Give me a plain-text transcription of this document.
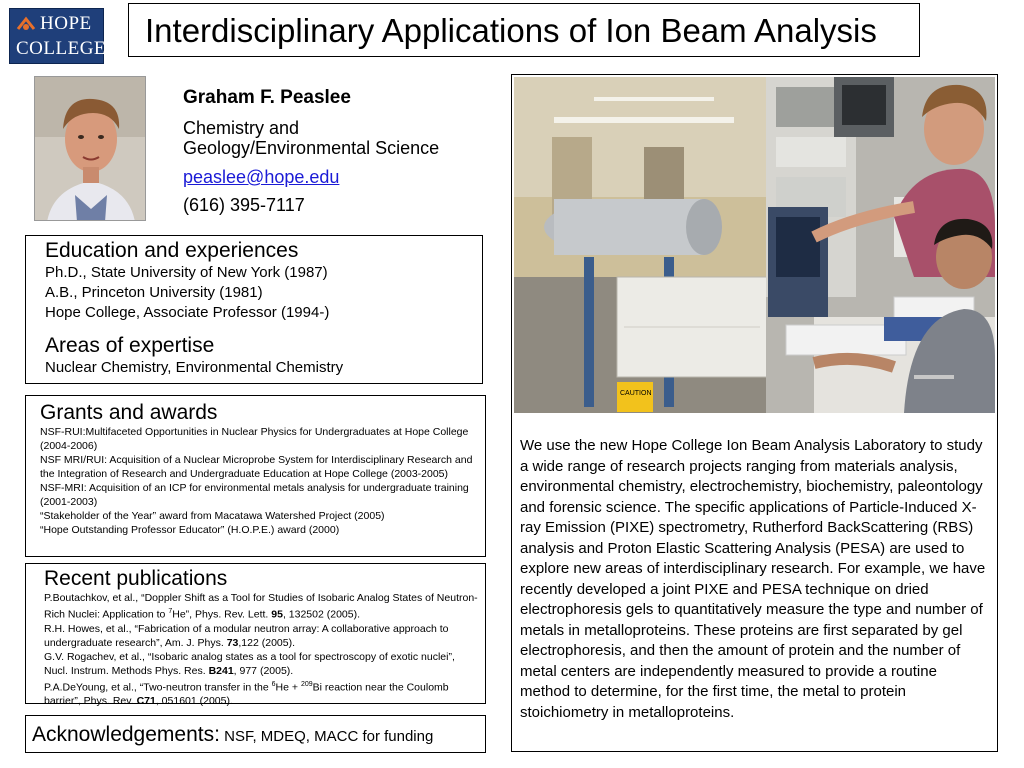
HOPE
COLLEGE Interdisciplinary Applications of Ion Beam Analysis
Graham F. Peaslee
Chemistry and
Geology/Environmental Science
peaslee@hope.edu
(616) 395-7117
Education and experiences
Ph.D., State University of New York (1987)
A.B., Princeton University (1981)
Hope College, Associate Professor (1994-)
Areas of expertise
Nuclear Chemistry, Environmental Chemistry
Grants and awards
NSF-RUI:Multifaceted Opportunities in Nuclear Physics for Undergraduates at Hope College (2004-2006)
NSF MRI/RUI: Acquisition of a Nuclear Microprobe System for Interdisciplinary Research and the Integration of Research and Undergraduate Education at Hope College (2003-2005)
NSF-MRI: Acquisition of an ICP for environmental metals analysis for undergraduate training (2001-2003)
“Stakeholder of the Year” award from Macatawa Watershed Project (2005)
“Hope Outstanding Professor Educator” (H.O.P.E.) award (2000)
Recent publications
P.Boutachkov, et al., “Doppler Shift as a Tool for Studies of Isobaric Analog States of Neutron-Rich Nuclei: Application to $^7$He”, Phys. Rev. Lett. 95, 132502 (2005).
R.H. Howes, et al., “Fabrication of a modular neutron array: A collaborative approach to undergraduate research”, Am. J. Phys. 73,122 (2005).
G.V. Rogachev, et al., “Isobaric analog states as a tool for spectroscopy of exotic nuclei”, Nucl. Instrum. Methods Phys. Res. B241, 977 (2005).
P.A.DeYoung, et al., “Two-neutron transfer in the $^6$He + $^{209}$Bi reaction near the Coulomb barrier”, Phys. Rev. C71, 051601 (2005).
Acknowledgements: NSF, MDEQ, MACC for funding
CAUTION
We use the new Hope College Ion Beam Analysis Laboratory to study a wide range of research projects ranging from materials analysis, environmental chemistry, electrochemistry, biochemistry, paleontology and forensic science. The specific applications of Particle-Induced X-ray Emission (PIXE) spectrometry, Rutherford BackScattering (RBS) analysis and Proton Elastic Scattering Analysis (PESA) are used to explore new areas of interdisciplinary research. For example, we have recently developed a joint PIXE and PESA technique on dried electrophoresis gels to quantitatively measure the type and number of metals in metalloproteins. These proteins are first separated by gel electrophoresis, and then the amount of protein and the number of metal centers are independently measured to provide a routine method to determine, for the first time, the metal to protein stoichiometry in metalloproteins.
